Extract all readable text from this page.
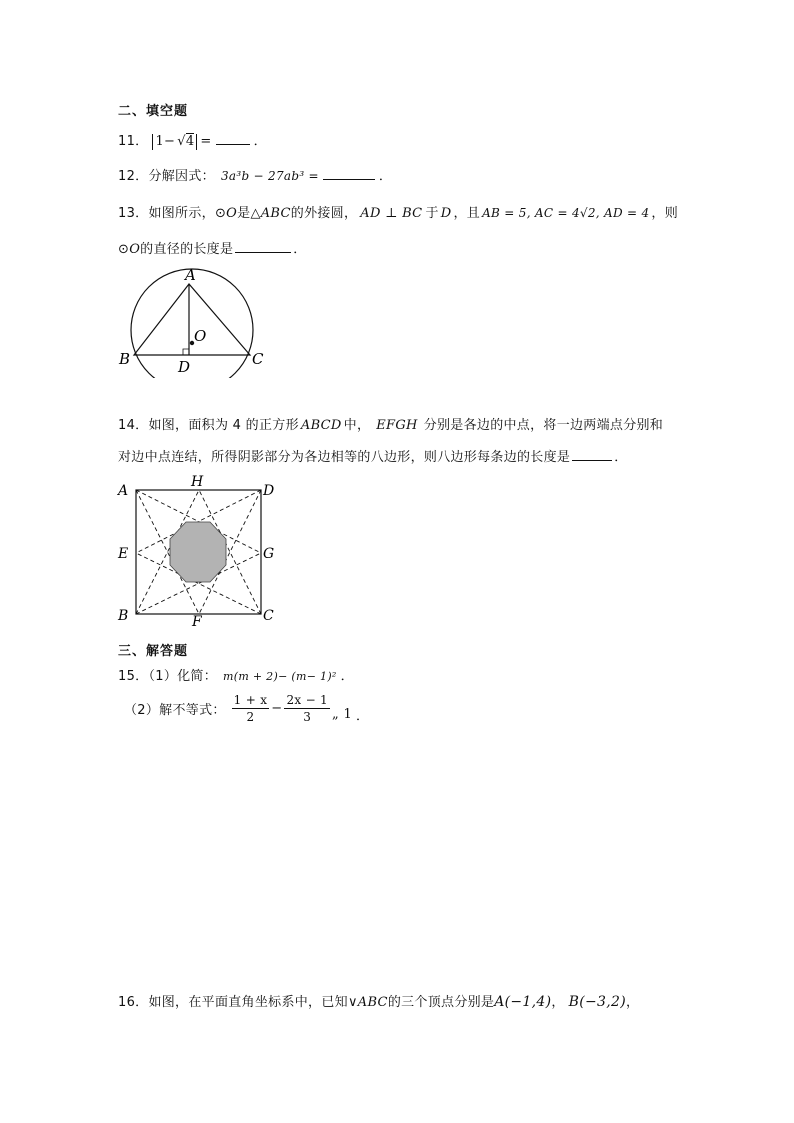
二、填空题
11． 1− √4 =	．
12．分解因式： 3a³b − 27ab³ =	．
13．如图所示， ⊙ O 是 △ABC 的外接圆， AD ⊥ BC 于 D ，且 AB = 5, AC = 4√2, AD = 4 ，则
⊙ O 的直径的长度是	．
A
B	C
D
O
14．如图，面积为 4 的正方形 ABCD 中， EFGH 分别是各边的中点，将一边两端点分别和
对边中点连结，所得阴影部分为各边相等的八边形，则八边形每条边的长度是	．
A
H
D
E	G
B	C
F
三、解答题
15．（1）化简： m(m + 2)− (m− 1)² ．
（2）解不等式： $\frac{1 + x}{2} - \frac{2x - 1}{3}$ „ 1 ．
16．如图，在平面直角坐标系中，已知 ∨ABC 的三个顶点分别是 A(−1,4) ， B(−3,2) ，
